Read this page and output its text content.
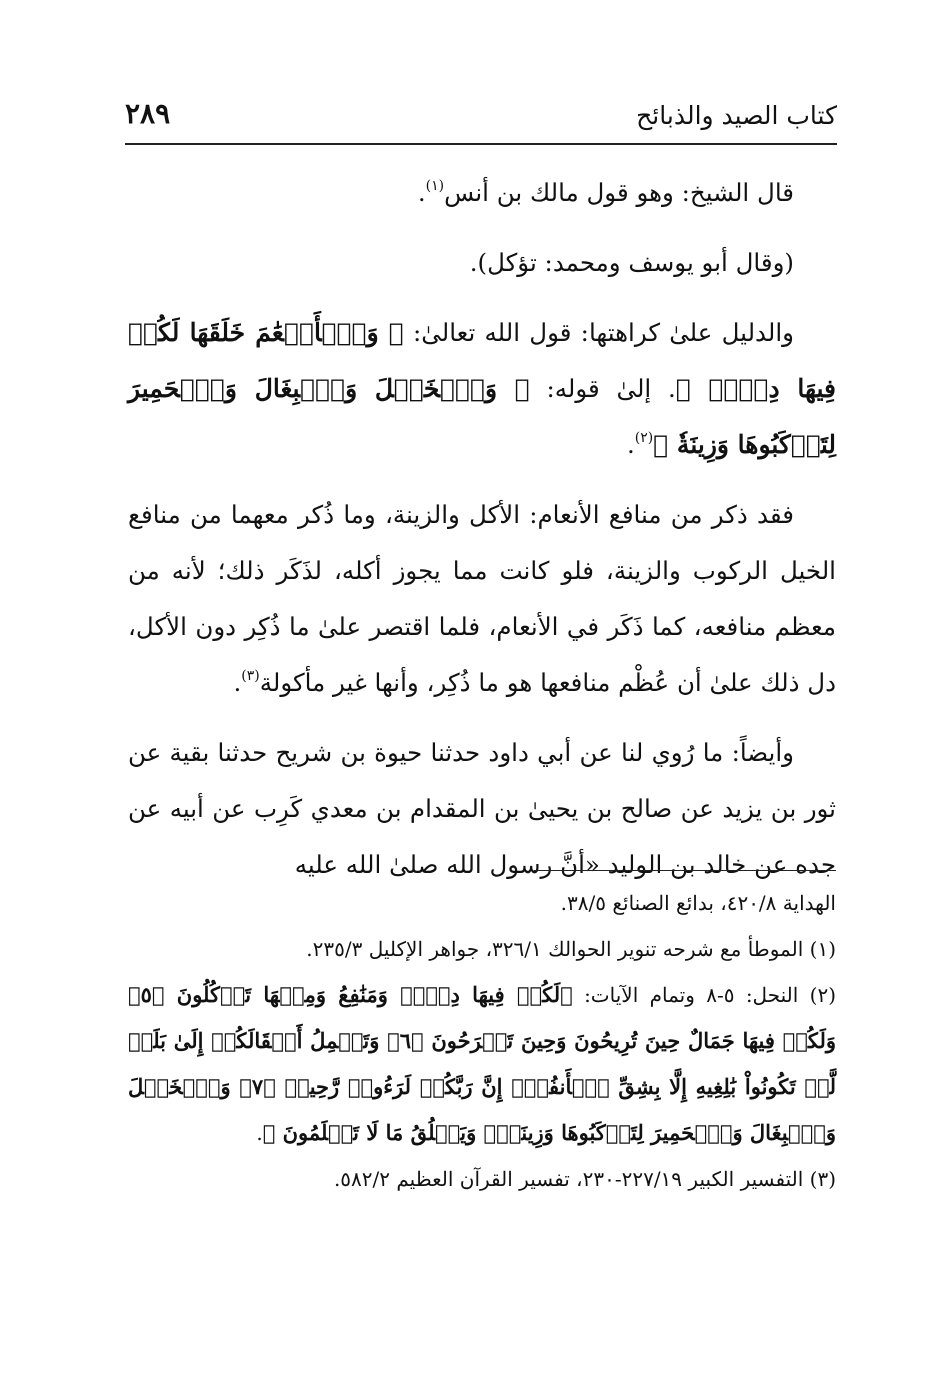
كتاب الصيد والذبائح
٢٨٩

قال الشيخ: وهو قول مالك بن أنس$^{(١)}$.

(وقال أبو يوسف ومحمد: تؤكل).

والدليل علىٰ كراهتها: قول الله تعالىٰ: ﴿ وَٱلۡأَنۡعَٰمَ خَلَقَهَا لَكُمۡ فِيهَا دِفۡءٞ ﴾. إلىٰ قوله: ﴿ وَٱلۡخَيۡلَ وَٱلۡبِغَالَ وَٱلۡحَمِيرَ لِتَرۡكَبُوهَا وَزِينَةٗ ﴾$^{(٢)}$.

فقد ذكر من منافع الأنعام: الأكل والزينة، وما ذُكر معهما من منافع الخيل الركوب والزينة، فلو كانت مما يجوز أكله، لذَكَر ذلك؛ لأنه من معظم منافعه، كما ذَكَر في الأنعام، فلما اقتصر علىٰ ما ذُكِر دون الأكل، دل ذلك علىٰ أن عُظْم منافعها هو ما ذُكِر، وأنها غير مأكولة$^{(٣)}$.

وأيضاً: ما رُوي لنا عن أبي داود حدثنا حيوة بن شريح حدثنا بقية عن ثور بن يزيد عن صالح بن يحيىٰ بن المقدام بن معدي كَرِب عن أبيه عن جده عن خالد بن الوليد «أنَّ رسول الله صلىٰ الله عليه

الهداية ٤٢٠/٨، بدائع الصنائع ٣٨/٥.

(١) الموطأ مع شرحه تنوير الحوالك ٣٢٦/١، جواهر الإكليل ٢٣٥/٣.

(٢) النحل: ٥-٨ وتمام الآيات: ﴿لَكُمۡ فِيهَا دِفۡءٞ وَمَنَٰفِعُ وَمِنۡهَا تَأۡكُلُونَ ﴿٥﴾ وَلَكُمۡ فِيهَا جَمَالٌ حِينَ تُرِيحُونَ وَحِينَ تَسۡرَحُونَ ﴿٦﴾ وَتَحۡمِلُ أَثۡقَالَكُمۡ إِلَىٰ بَلَدٖ لَّمۡ تَكُونُواْ بَٰلِغِيهِ إِلَّا بِشِقِّ ٱلۡأَنفُسِۚ إِنَّ رَبَّكُمۡ لَرَءُوفٞ رَّحِيمٞ ﴿٧﴾ وَٱلۡخَيۡلَ وَٱلۡبِغَالَ وَٱلۡحَمِيرَ لِتَرۡكَبُوهَا وَزِينَةٗۚ وَيَخۡلُقُ مَا لَا تَعۡلَمُونَ ﴾.

(٣) التفسير الكبير ٢٢٧/١٩-٢٣٠، تفسير القرآن العظيم ٥٨٢/٢.
